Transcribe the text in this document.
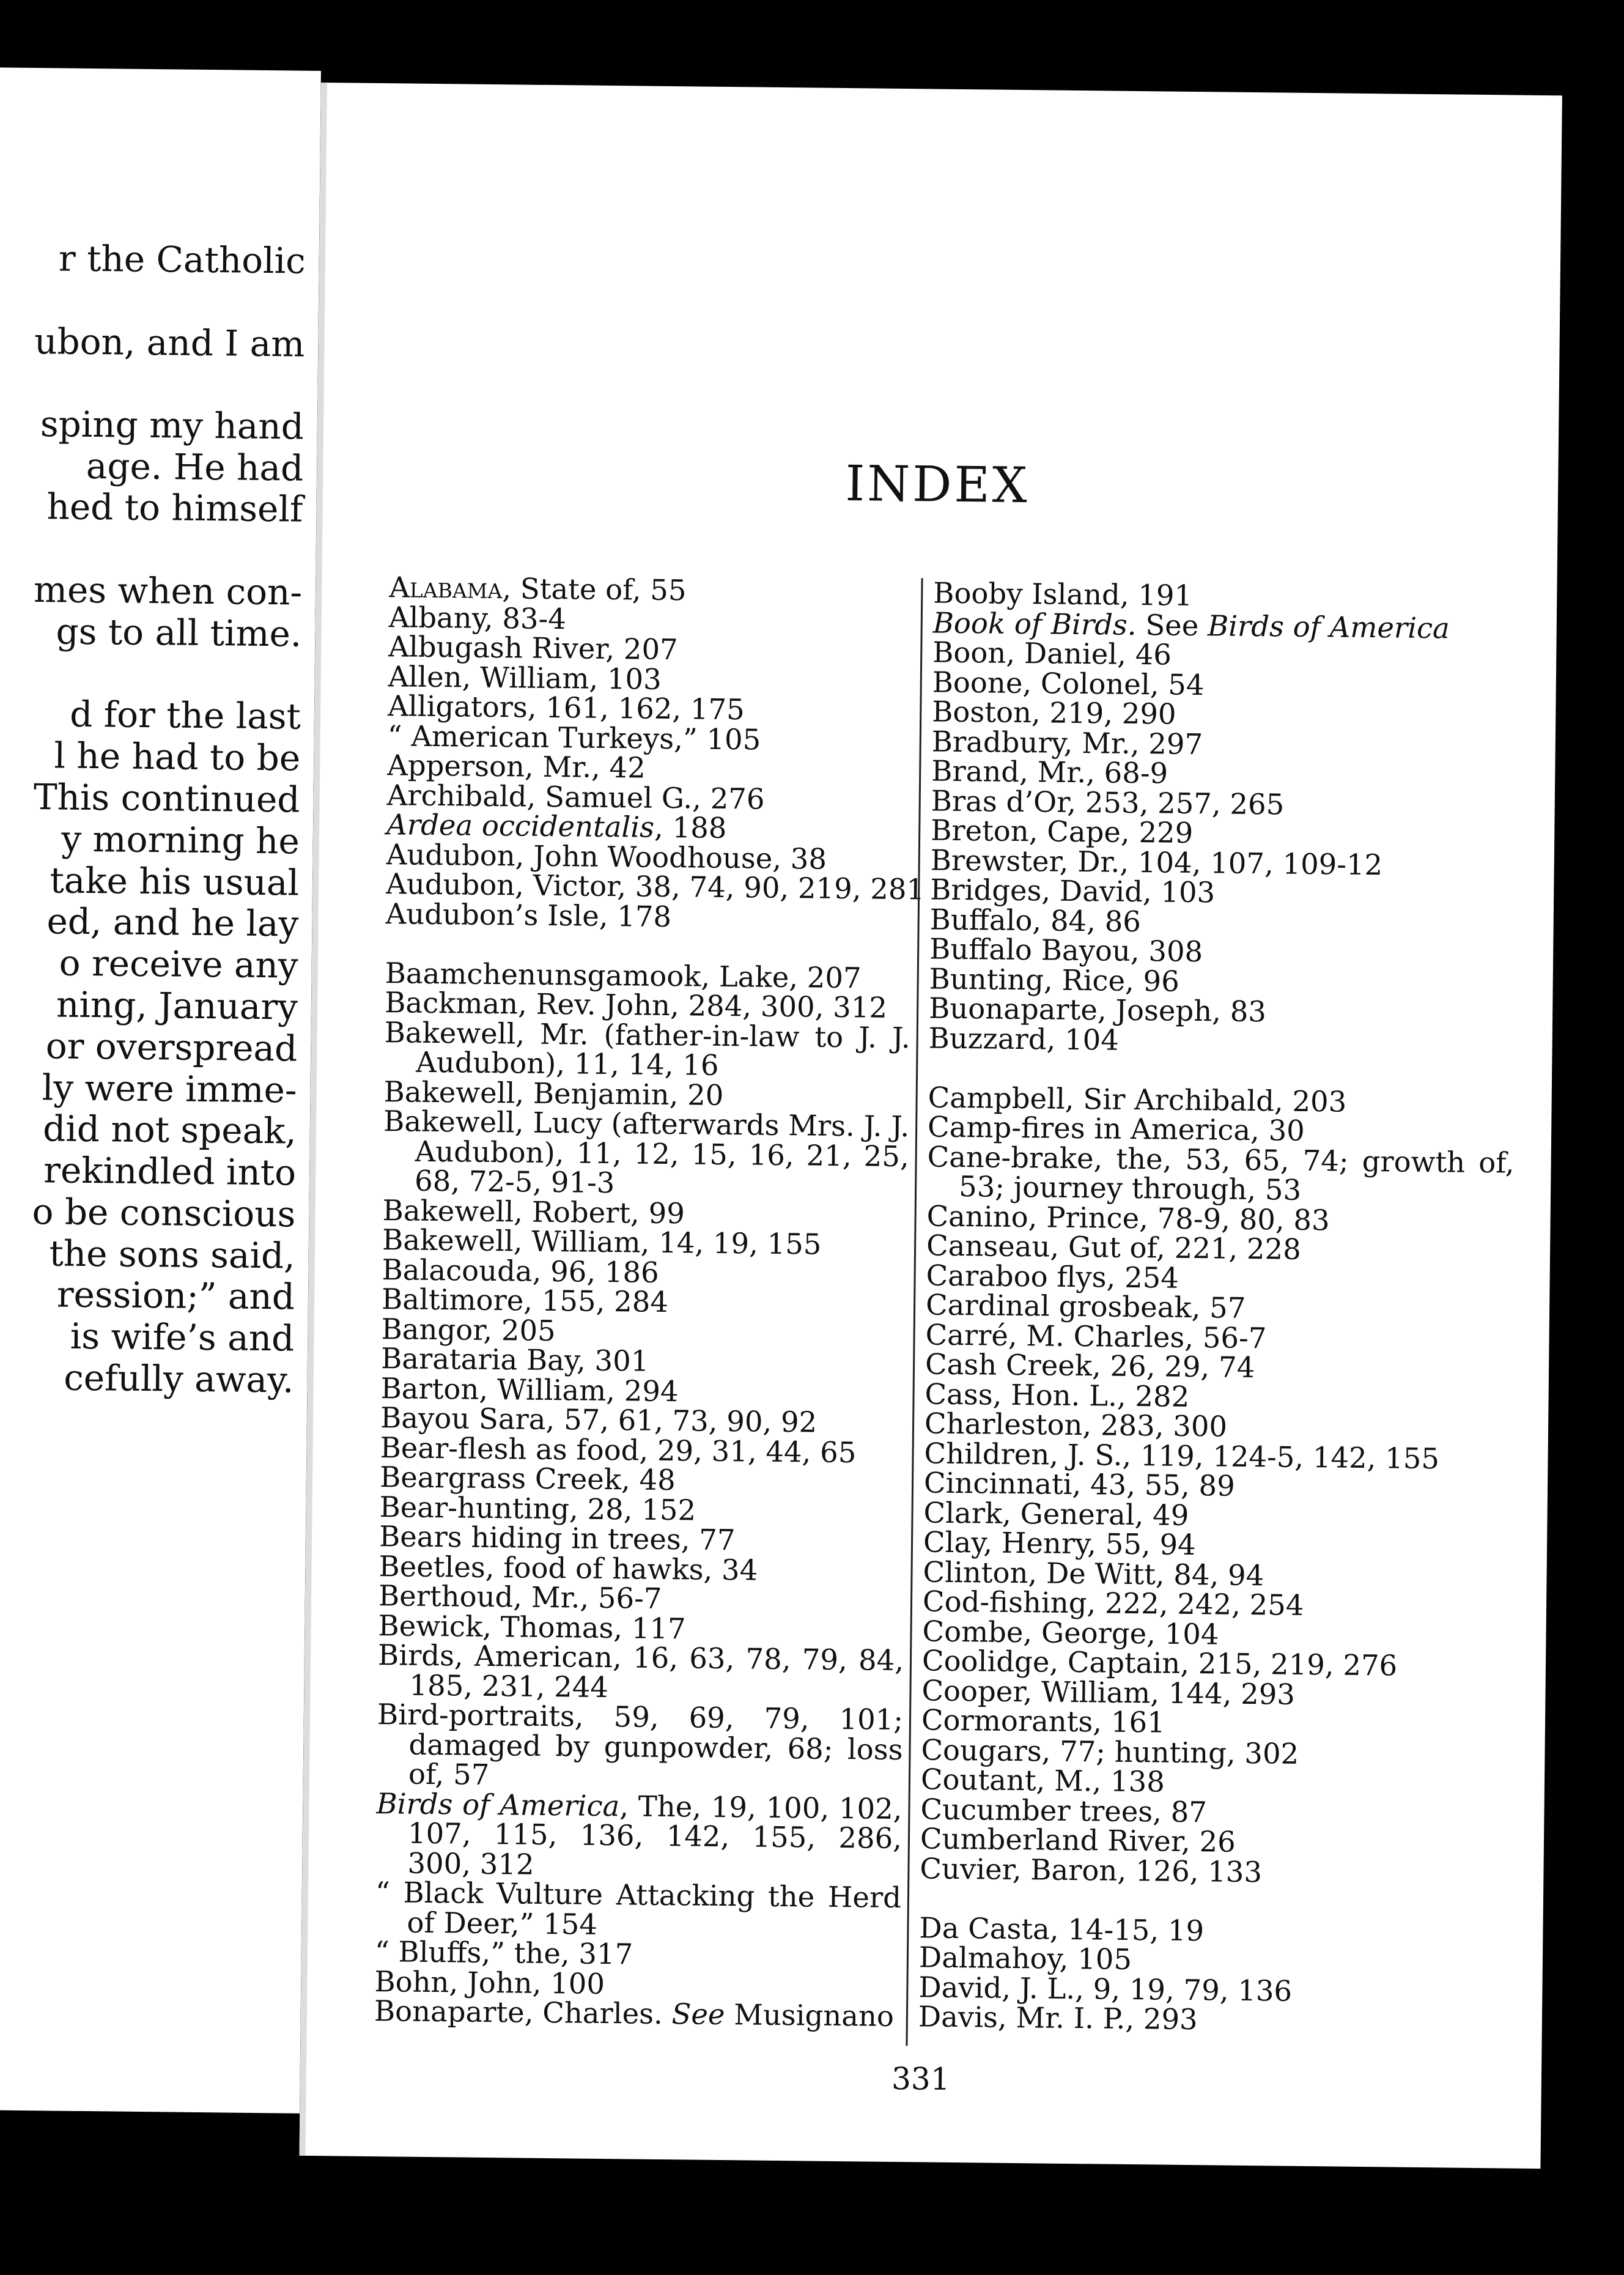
r the Catholic
ubon, and I am
sping my hand
age. He had
hed to himself
mes when con-
gs to all time.
d for the last
l he had to be
This continued
y morning he
take his usual
ed, and he lay
o receive any
ning, January
or overspread
ly were imme-
did not speak,
rekindled into
o be conscious
the sons said,
ression;” and
is wife’s and
cefully away.
INDEX
Alabama, State of, 55
Albany, 83-4
Albugash River, 207
Allen, William, 103
Alligators, 161, 162, 175
“ American Turkeys,” 105
Apperson, Mr., 42
Archibald, Samuel G., 276
Ardea occidentalis, 188
Audubon, John Woodhouse, 38
Audubon, Victor, 38, 74, 90, 219, 281
Audubon’s Isle, 178
Baamchenunsgamook, Lake, 207
Backman, Rev. John, 284, 300, 312
Bakewell, Mr. (father-in-law to J. J. Audubon), 11, 14, 16
Bakewell, Benjamin, 20
Bakewell, Lucy (afterwards Mrs. J. J. Audubon), 11, 12, 15, 16, 21, 25, 68, 72-5, 91-3
Bakewell, Robert, 99
Bakewell, William, 14, 19, 155
Balacouda, 96, 186
Baltimore, 155, 284
Bangor, 205
Barataria Bay, 301
Barton, William, 294
Bayou Sara, 57, 61, 73, 90, 92
Bear-flesh as food, 29, 31, 44, 65
Beargrass Creek, 48
Bear-hunting, 28, 152
Bears hiding in trees, 77
Beetles, food of hawks, 34
Berthoud, Mr., 56-7
Bewick, Thomas, 117
Birds, American, 16, 63, 78, 79, 84, 185, 231, 244
Bird-portraits, 59, 69, 79, 101; damaged by gunpowder, 68; loss of, 57
Birds of America, The, 19, 100, 102, 107, 115, 136, 142, 155, 286, 300, 312
“ Black Vulture Attacking the Herd of Deer,” 154
“ Bluffs,” the, 317
Bohn, John, 100
Bonaparte, Charles. See Musignano
Booby Island, 191
Book of Birds. See Birds of America
Boon, Daniel, 46
Boone, Colonel, 54
Boston, 219, 290
Bradbury, Mr., 297
Brand, Mr., 68-9
Bras d’Or, 253, 257, 265
Breton, Cape, 229
Brewster, Dr., 104, 107, 109-12
Bridges, David, 103
Buffalo, 84, 86
Buffalo Bayou, 308
Bunting, Rice, 96
Buonaparte, Joseph, 83
Buzzard, 104
Campbell, Sir Archibald, 203
Camp-fires in America, 30
Cane-brake, the, 53, 65, 74; growth of, 53; journey through, 53
Canino, Prince, 78-9, 80, 83
Canseau, Gut of, 221, 228
Caraboo flys, 254
Cardinal grosbeak, 57
Carré, M. Charles, 56-7
Cash Creek, 26, 29, 74
Cass, Hon. L., 282
Charleston, 283, 300
Children, J. S., 119, 124-5, 142, 155
Cincinnati, 43, 55, 89
Clark, General, 49
Clay, Henry, 55, 94
Clinton, De Witt, 84, 94
Cod-fishing, 222, 242, 254
Combe, George, 104
Coolidge, Captain, 215, 219, 276
Cooper, William, 144, 293
Cormorants, 161
Cougars, 77; hunting, 302
Coutant, M., 138
Cucumber trees, 87
Cumberland River, 26
Cuvier, Baron, 126, 133
Da Casta, 14-15, 19
Dalmahoy, 105
David, J. L., 9, 19, 79, 136
Davis, Mr. I. P., 293
331
